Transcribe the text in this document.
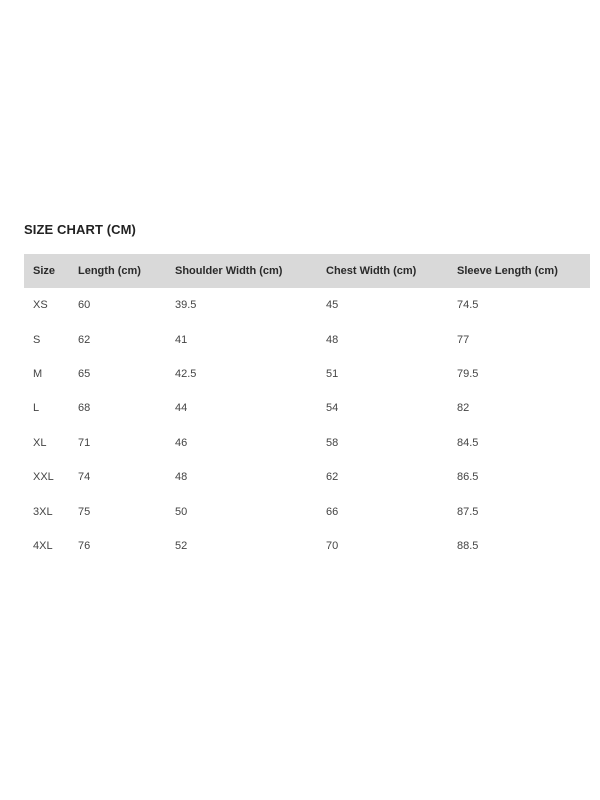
SIZE CHART (CM)
Size	Length (cm)	Shoulder Width (cm)	Chest Width (cm)	Sleeve Length (cm)
XS	60	39.5	45	74.5
S	62	41	48	77
M	65	42.5	51	79.5
L	68	44	54	82
XL	71	46	58	84.5
XXL	74	48	62	86.5
3XL	75	50	66	87.5
4XL	76	52	70	88.5
